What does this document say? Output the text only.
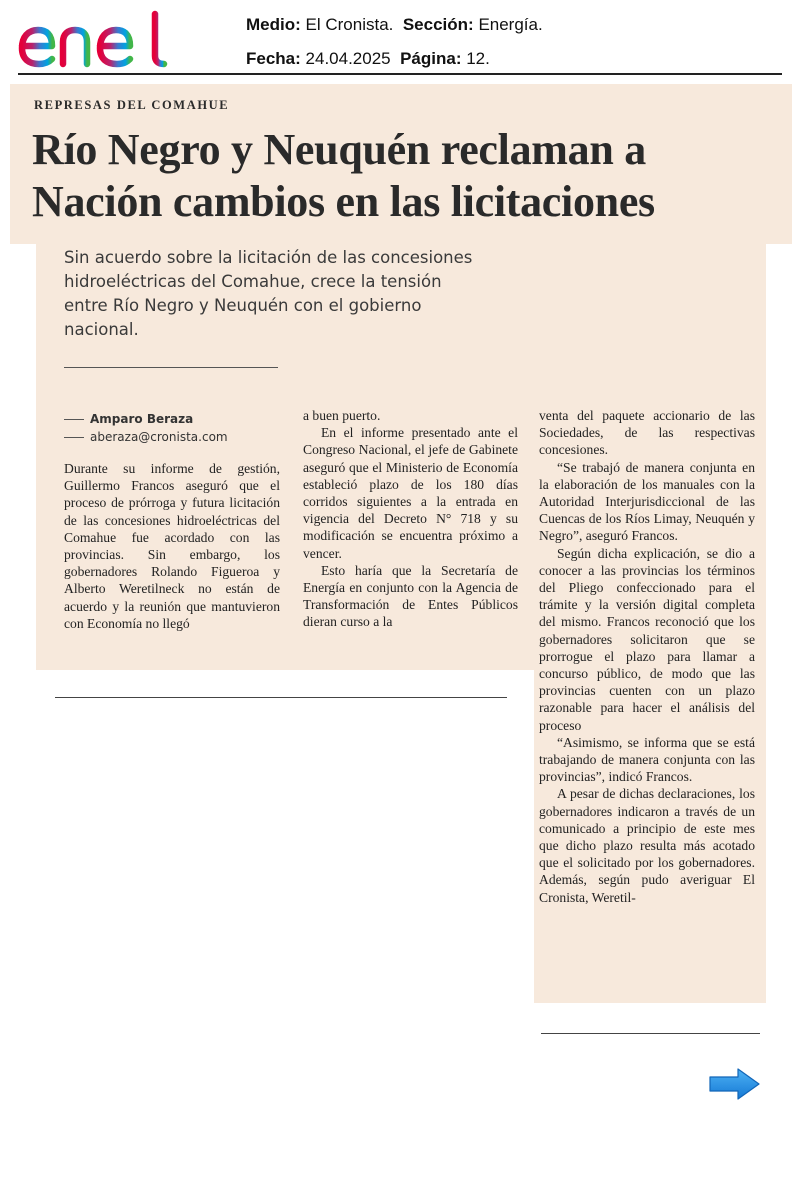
Medio: El Cronista. Sección: Energía.
Fecha: 24.04.2025 Página: 12.
REPRESAS DEL COMAHUE
Río Negro y Neuquén reclaman a
Nación cambios en las licitaciones
Sin acuerdo sobre la licitación de las concesiones hidroeléctricas del Comahue, crece la tensión entre Río Negro y Neuquén con el gobierno nacional.
Amparo Beraza
aberaza@cronista.com

Durante su informe de gestión, Guillermo Francos aseguró que el proceso de prórroga y futura licitación de las concesiones hidroeléctricas del Comahue fue acordado con las provincias. Sin embargo, los gobernadores Rolando Figueroa y Alberto Weretilneck no están de acuerdo y la reunión que mantuvieron con Economía no llegó

a buen puerto.

En el informe presentado ante el Congreso Nacional, el jefe de Gabinete aseguró que el Ministerio de Economía estableció plazo de los 180 días corridos siguientes a la entrada en vigencia del Decreto N° 718 y su modificación se encuentra próximo a vencer.

Esto haría que la Secretaría de Energía en conjunto con la Agencia de Transformación de Entes Públicos dieran curso a la

venta del paquete accionario de las Sociedades, de las respectivas concesiones.

“Se trabajó de manera conjunta en la elaboración de los manuales con la Autoridad Interjurisdiccional de las Cuencas de los Ríos Limay, Neuquén y Negro”, aseguró Francos.

Según dicha explicación, se dio a conocer a las provincias los términos del Pliego confeccionado para el trámite y la versión digital completa del mismo. Francos reconoció que los gobernadores solicitaron que se prorrogue el plazo para llamar a concurso público, de modo que las provincias cuenten con un plazo razonable para hacer el análisis del proceso

“Asimismo, se informa que se está trabajando de manera conjunta con las provincias”, indicó Francos.

A pesar de dichas declaraciones, los gobernadores indicaron a través de un comunicado a principio de este mes que dicho plazo resulta más acotado que el solicitado por los gobernadores. Además, según pudo averiguar El Cronista, Weretil-
